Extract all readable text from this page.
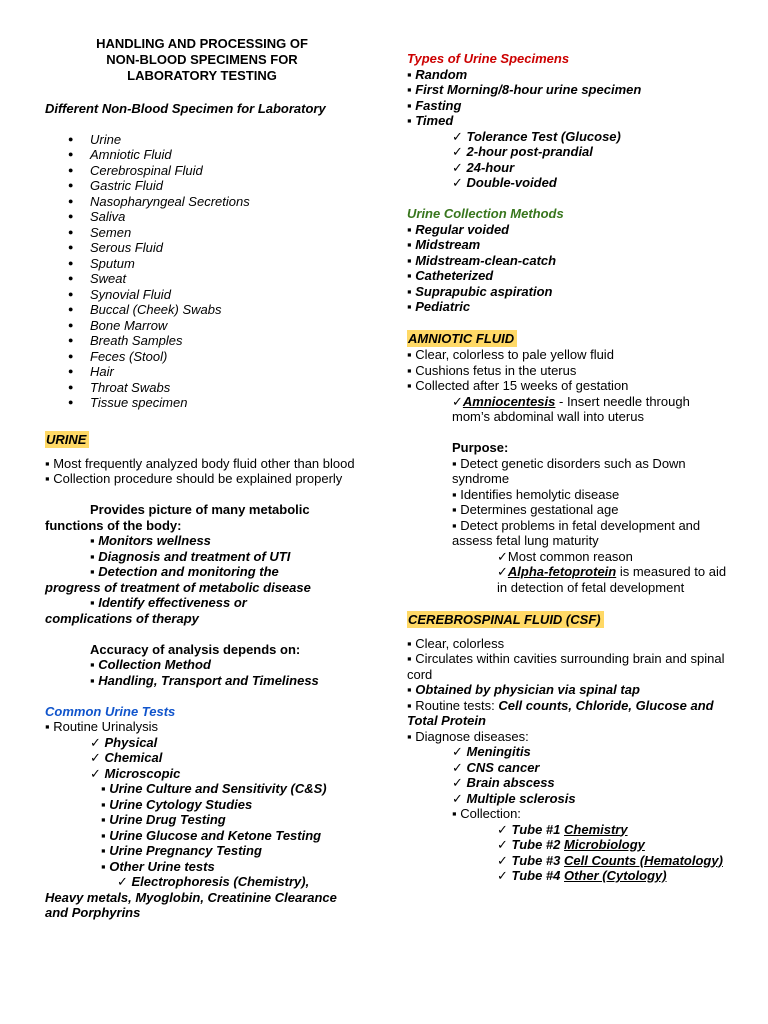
HANDLING AND PROCESSING OF
NON-BLOOD SPECIMENS FOR
LABORATORY TESTING

Different Non-Blood Specimen for Laboratory

● Urine
● Amniotic Fluid
● Cerebrospinal Fluid
● Gastric Fluid
● Nasopharyngeal Secretions
● Saliva
● Semen
● Serous Fluid
● Sputum
● Sweat
● Synovial Fluid
● Buccal (Cheek) Swabs
● Bone Marrow
● Breath Samples
● Feces (Stool)
● Hair
● Throat Swabs
● Tissue specimen
URINE

▪ Most frequently analyzed body fluid other than blood

▪ Collection procedure should be explained properly

Provides picture of many metabolic functions of the body:

▪ Monitors wellness

▪ Diagnosis and treatment of UTI

▪ Detection and monitoring the

progress of treatment of metabolic disease

▪ Identify effectiveness or

complications of therapy

Accuracy of analysis depends on:

▪ Collection Method

▪ Handling, Transport and Timeliness

Common Urine Tests

▪ Routine Urinalysis

✓ Physical

✓ Chemical

✓ Microscopic

▪ Urine Culture and Sensitivity (C&S)

▪ Urine Cytology Studies

▪ Urine Drug Testing

▪ Urine Glucose and Ketone Testing

▪ Urine Pregnancy Testing

▪ Other Urine tests

✓ Electrophoresis (Chemistry),

Heavy metals, Myoglobin, Creatinine Clearance and Porphyrins

Types of Urine Specimens

▪ Random

▪ First Morning/8-hour urine specimen

▪ Fasting

▪ Timed

✓ Tolerance Test (Glucose)

✓ 2-hour post-prandial

✓ 24-hour

✓ Double-voided

Urine Collection Methods

▪ Regular voided

▪ Midstream

▪ Midstream-clean-catch

▪ Catheterized

▪ Suprapubic aspiration

▪ Pediatric

AMNIOTIC FLUID

▪ Clear, colorless to pale yellow fluid

▪ Cushions fetus in the uterus

▪ Collected after 15 weeks of gestation

✓Amniocentesis - Insert needle through mom’s abdominal wall into uterus

Purpose:

▪ Detect genetic disorders such as Down syndrome

▪ Identifies hemolytic disease

▪ Determines gestational age

▪ Detect problems in fetal development and assess fetal lung maturity

✓Most common reason

✓Alpha-fetoprotein is measured to aid in detection of fetal development

CEREBROSPINAL FLUID (CSF)

▪ Clear, colorless

▪ Circulates within cavities surrounding brain and spinal cord

▪ Obtained by physician via spinal tap

▪ Routine tests: Cell counts, Chloride, Glucose and Total Protein

▪ Diagnose diseases:

✓ Meningitis

✓ CNS cancer

✓ Brain abscess

✓ Multiple sclerosis

▪ Collection:

✓ Tube #1 Chemistry

✓ Tube #2 Microbiology

✓ Tube #3 Cell Counts (Hematology)

✓ Tube #4 Other (Cytology)
